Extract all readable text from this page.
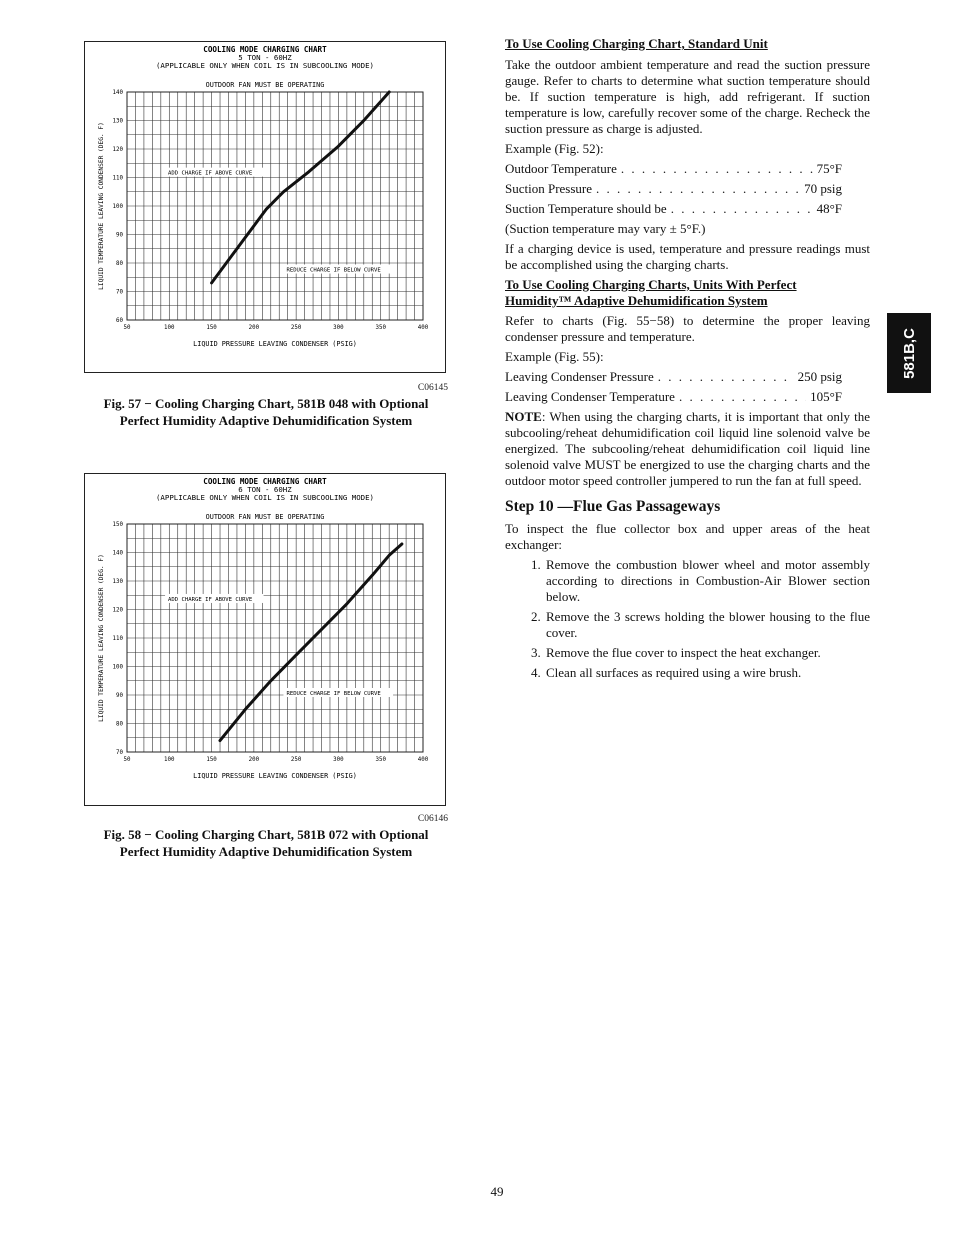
COOLING MODE CHARGING CHART
5 TON - 60HZ
(APPLICABLE ONLY WHEN COIL IS IN SUBCOOLING MODE)
OUTDOOR FAN MUST BE OPERATING
50	100	150	200	250	300	350	400
60
70
80
90
100
110
120
130
140
LIQUID PRESSURE LEAVING CONDENSER (PSIG)
LIQUID TEMPERATURE LEAVING CONDENSER (DEG. F)	ADD CHARGE IF ABOVE CURVE
REDUCE CHARGE IF BELOW CURVE
C06145
Fig. 57 − Cooling Charging Chart, 581B 048 with Optional Perfect Humidity Adaptive Dehumidification System
COOLING MODE CHARGING CHART
6 TON - 60HZ
(APPLICABLE ONLY WHEN COIL IS IN SUBCOOLING MODE)
OUTDOOR FAN MUST BE OPERATING
50	100	150	200	250	300	350	400
70
80
90
100
110
120
130
140
150
LIQUID PRESSURE LEAVING CONDENSER (PSIG)
LIQUID TEMPERATURE LEAVING CONDENSER (DEG. F)	ADD CHARGE IF ABOVE CURVE
REDUCE CHARGE IF BELOW CURVE
C06146
Fig. 58 − Cooling Charging Chart, 581B 072 with Optional Perfect Humidity Adaptive Dehumidification System
To Use Cooling Charging Chart, Standard Unit

Take the outdoor ambient temperature and read the suction pressure gauge. Refer to charts to determine what suction temperature should be. If suction temperature is high, add refrigerant. If suction temperature is low, carefully recover some of the charge. Recheck the suction pressure as charge is adjusted.

Example (Fig. 52):

Outdoor Temperature . . .	75°F
Suction Pressure . . .	70 psig
Suction Temperature should be . . .	48°F

(Suction temperature may vary ± 5°F.)

If a charging device is used, temperature and pressure readings must be accomplished using the charging charts.

To Use Cooling Charging Charts, Units With Perfect
Humidity™ Adaptive Dehumidification System

Refer to charts (Fig. 55−58) to determine the proper leaving condenser pressure and temperature.

Example (Fig. 55):

Leaving Condenser Pressure . . .	250 psig
Leaving Condenser Temperature . . .	105°F

NOTE: When using the charging charts, it is important that only the subcooling/reheat dehumidification coil liquid line solenoid valve be energized. The subcooling/reheat dehumidification coil liquid line solenoid valve MUST be energized to use the charging charts and the outdoor motor speed controller jumpered to run the fan at full speed.

Step 10 —Flue Gas Passageways

To inspect the flue collector box and upper areas of the heat exchanger:

1. Remove the combustion blower wheel and motor assembly according to directions in Combustion-Air Blower section below.
2. Remove the 3 screws holding the blower housing to the flue cover.
3. Remove the flue cover to inspect the heat exchanger.
4. Clean all surfaces as required using a wire brush.
581B,C
49
